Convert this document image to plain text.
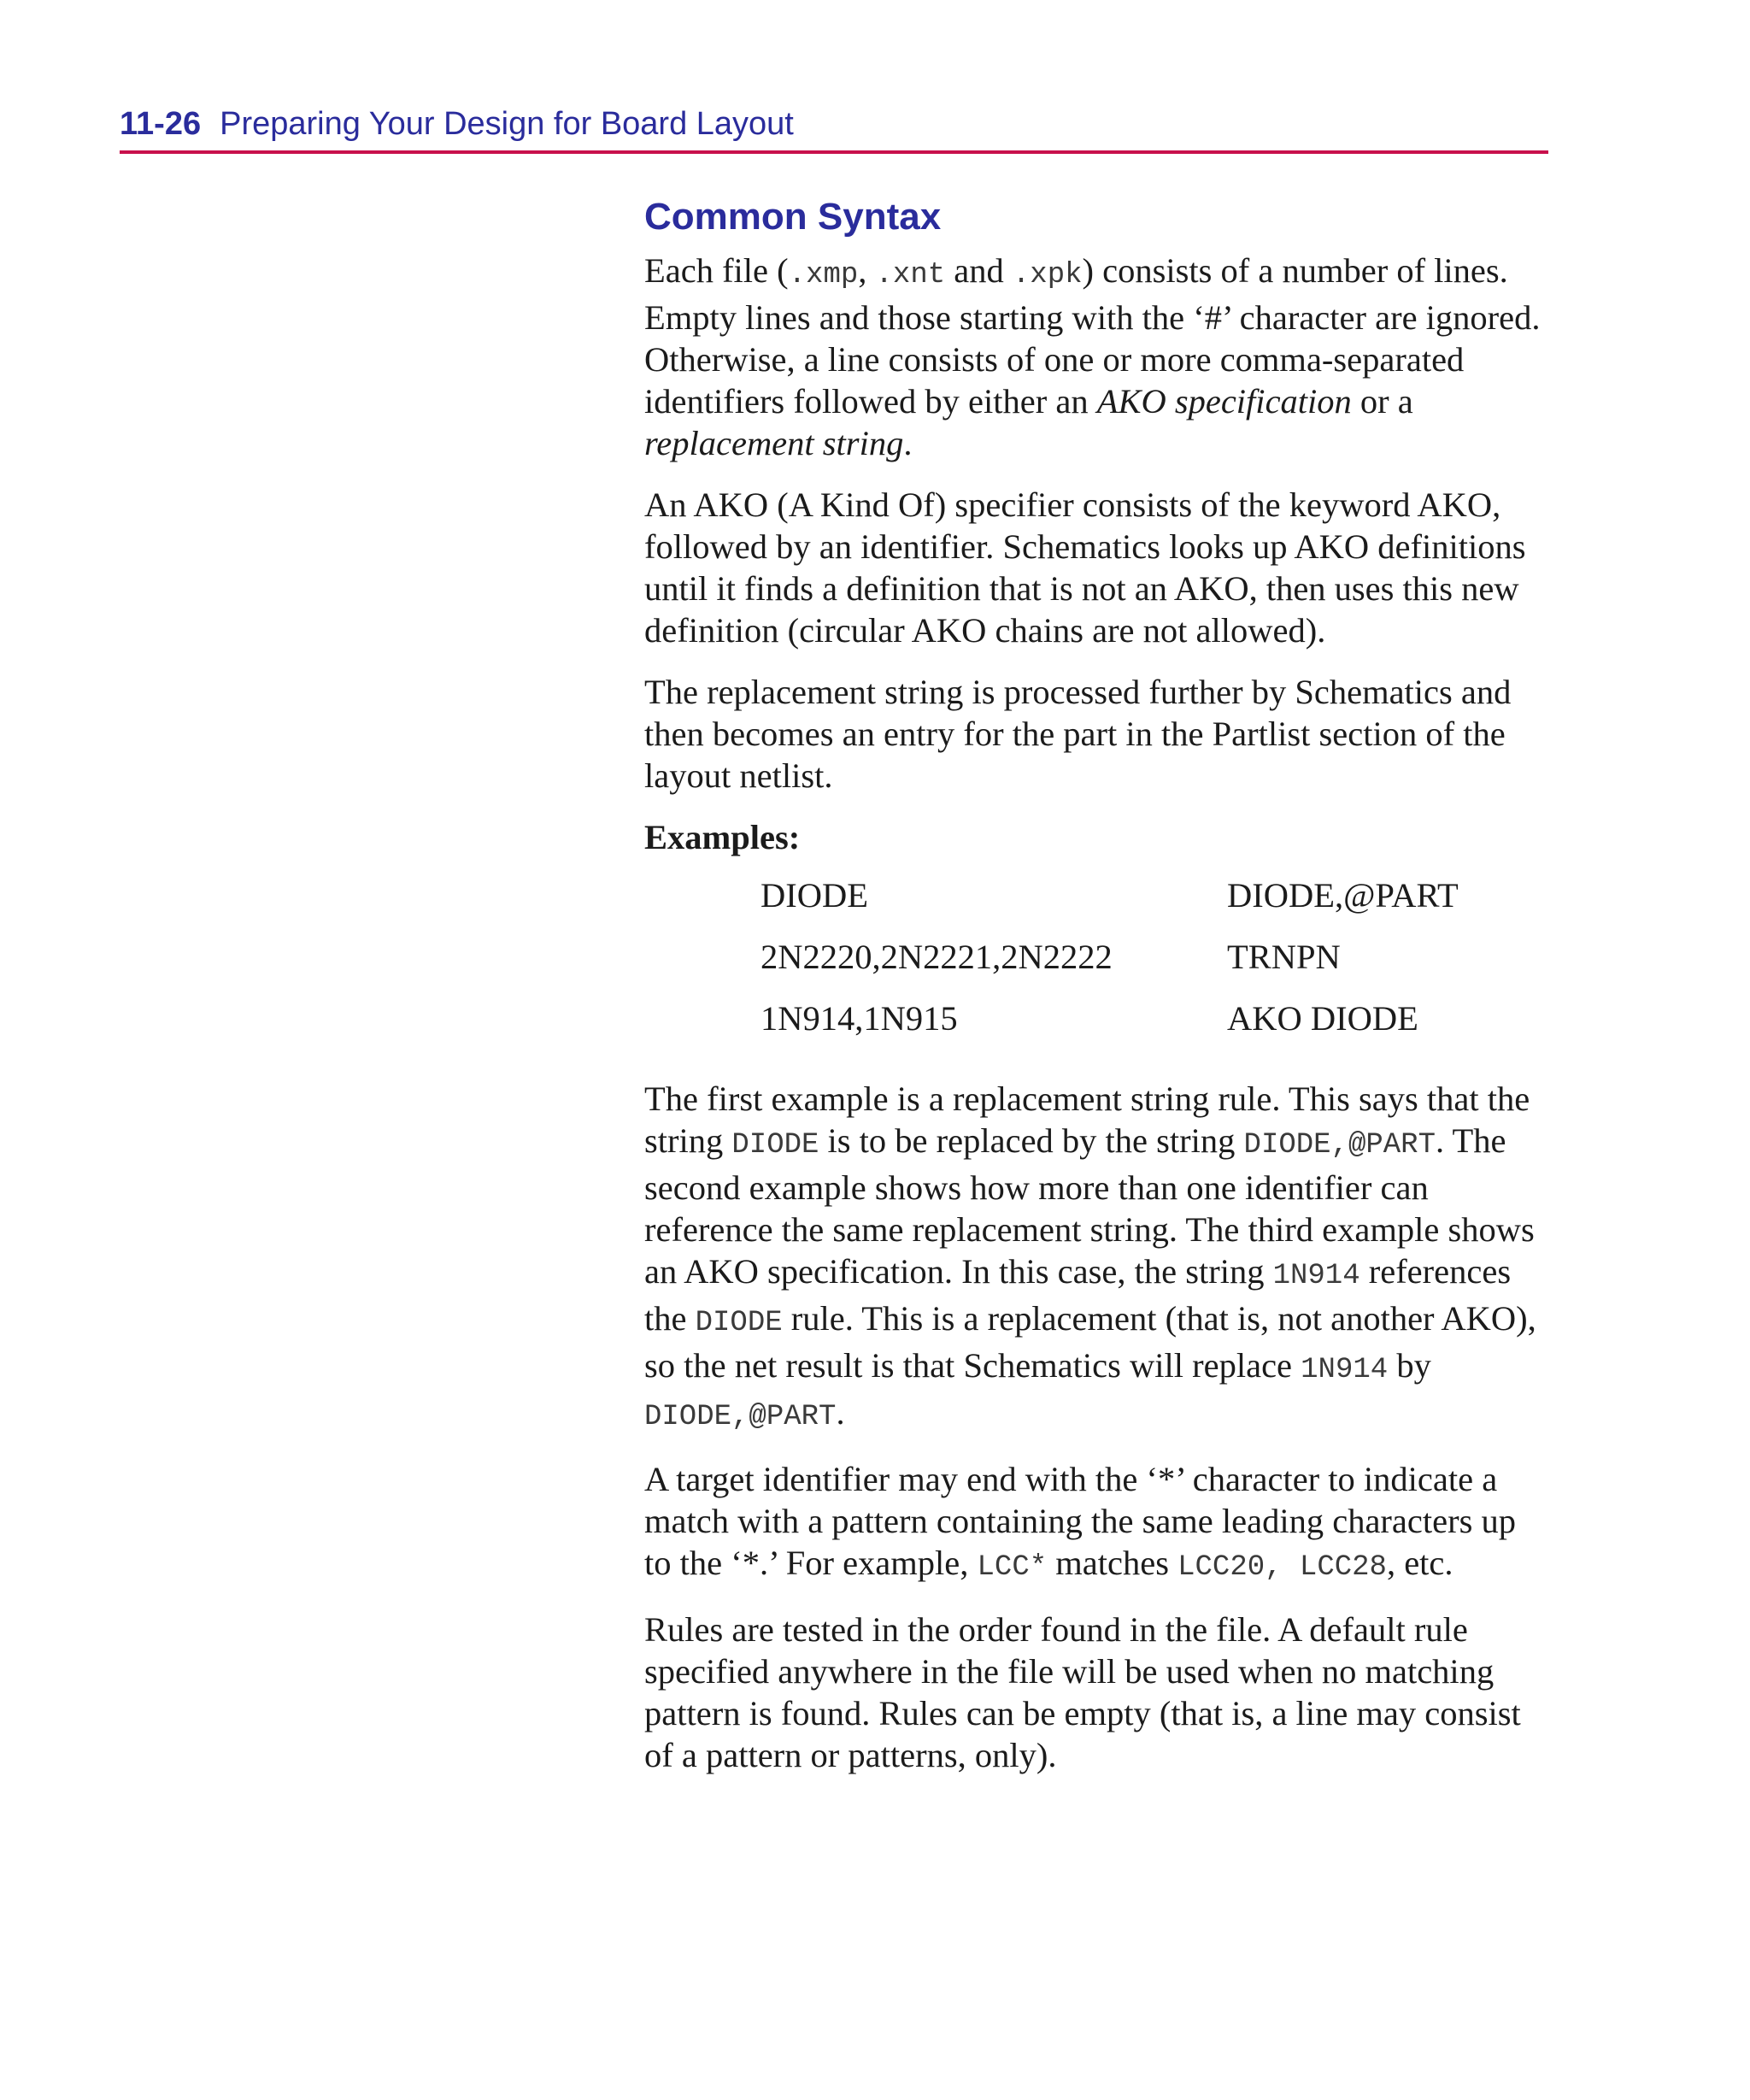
11-26 Preparing Your Design for Board Layout
Common Syntax

Each file (.xmp, .xnt and .xpk) consists of a number of lines. Empty lines and those starting with the ‘#’ character are ignored. Otherwise, a line consists of one or more comma-separated identifiers followed by either an AKO specification or a replacement string.

An AKO (A Kind Of) specifier consists of the keyword AKO, followed by an identifier. Schematics looks up AKO definitions until it finds a definition that is not an AKO, then uses this new definition (circular AKO chains are not allowed).

The replacement string is processed further by Schematics and then becomes an entry for the part in the Partlist section of the layout netlist.

Examples:
DIODE	DIODE,@PART
2N2220,2N2221,2N2222	TRNPN
1N914,1N915	AKO DIODE

The first example is a replacement string rule. This says that the string DIODE is to be replaced by the string DIODE,@PART. The second example shows how more than one identifier can reference the same replacement string. The third example shows an AKO specification. In this case, the string 1N914 references the DIODE rule. This is a replacement (that is, not another AKO), so the net result is that Schematics will replace 1N914 by DIODE,@PART.

A target identifier may end with the ‘*’ character to indicate a match with a pattern containing the same leading characters up to the ‘*.’ For example, LCC* matches LCC20, LCC28, etc.

Rules are tested in the order found in the file. A default rule specified anywhere in the file will be used when no matching pattern is found. Rules can be empty (that is, a line may consist of a pattern or patterns, only).
